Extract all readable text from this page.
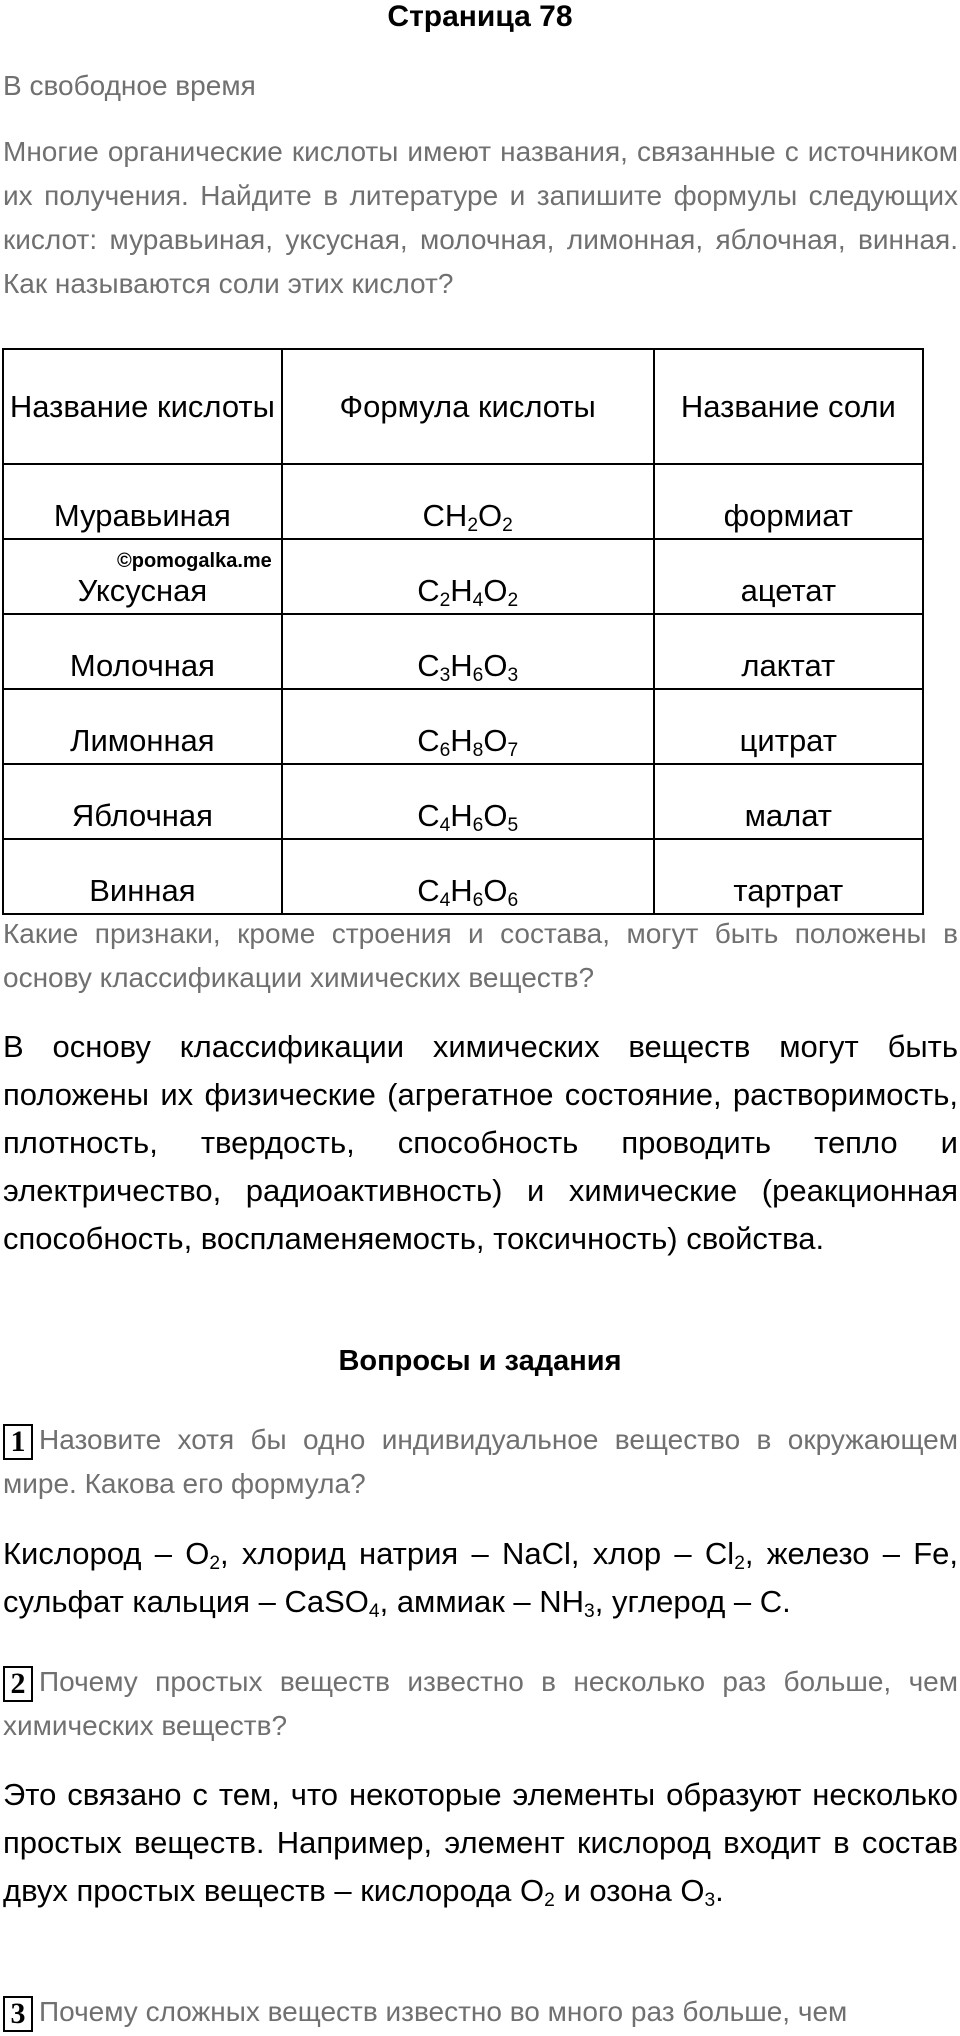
Страница 78
В свободное время
Многие органические кислоты имеют названия, связанные с источником их получения. Найдите в литературе и запишите формулы следующих кислот: муравьиная, уксусная, молочная, лимонная, яблочная, винная. Как называются соли этих кислот?
Название кислоты	Формула кислоты	Название соли
Муравьиная	$CH_2O_2$	формиат
Уксусная	$C_2H_4O_2$	ацетат
Молочная	$C_3H_6O_3$	лактат
Лимонная	$C_6H_8O_7$	цитрат
Яблочная	$C_4H_6O_5$	малат
Винная	$C_4H_6O_6$	тартрат
©pomogalka.me
Какие признаки, кроме строения и состава, могут быть положены в основу классификации химических веществ?
В основу классификации химических веществ могут быть положены их физические (агрегатное состояние, растворимость, плотность, твердость, способность проводить тепло и электричество, радиоактивность) и химические (реакционная способность, воспламеняемость, токсичность) свойства.
Вопросы и задания
1 Назовите хотя бы одно индивидуальное вещество в окружающем мире. Какова его формула?
Кислород – $O_2$, хлорид натрия – NaCl, хлор – $Cl_2$, железо – Fe, сульфат кальция – CaSO$_4$, аммиак – $NH_3$, углерод – C.
2 Почему простых веществ известно в несколько раз больше, чем химических веществ?
Это связано с тем, что некоторые элементы образуют несколько простых веществ. Например, элемент кислород входит в состав двух простых веществ – кислорода $O_2$ и озона $O_3$.
3 Почему сложных веществ известно во много раз больше, чем
